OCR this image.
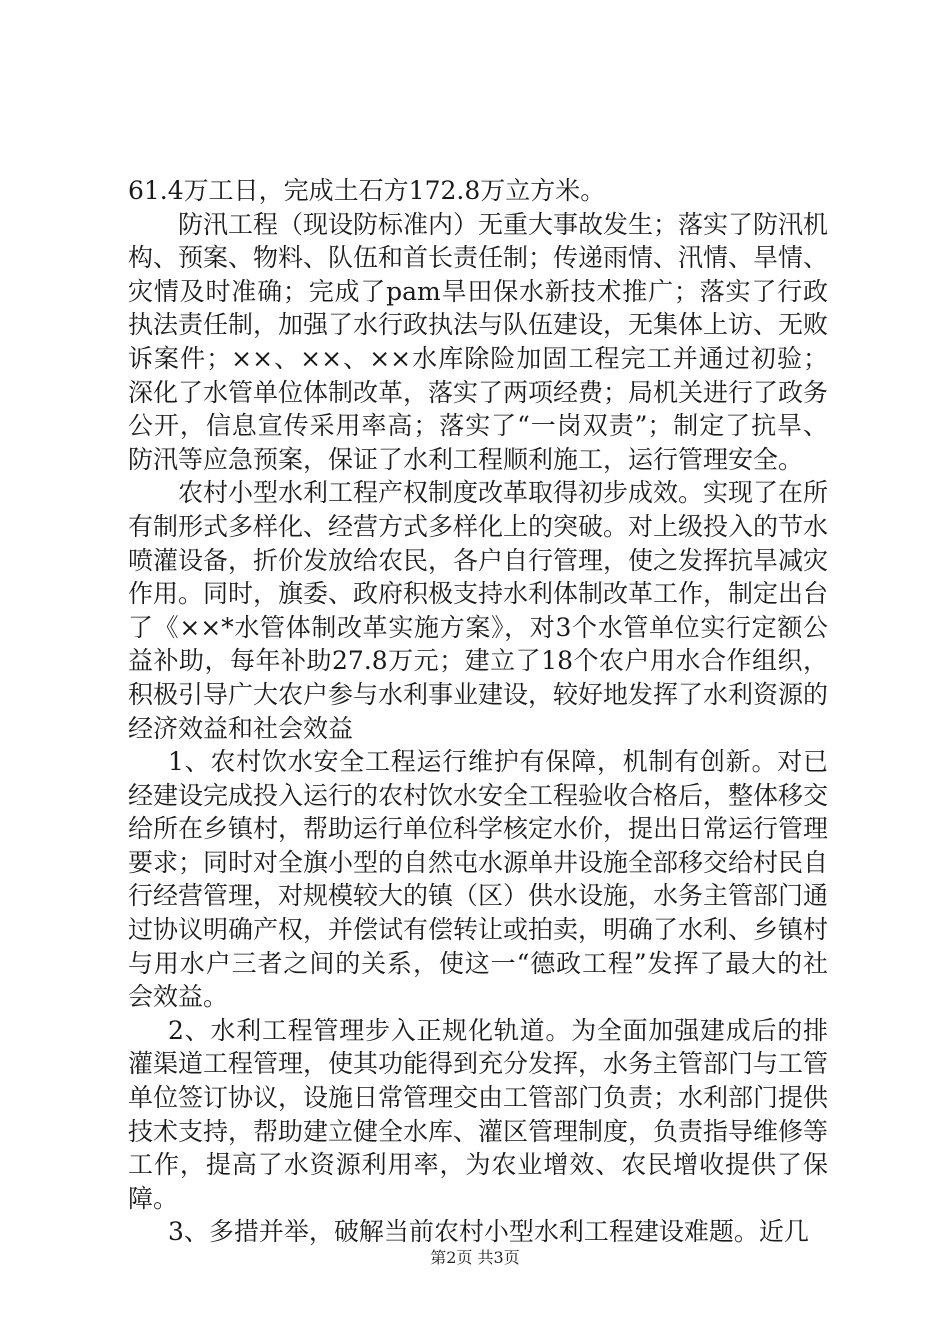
61.4万工日，完成土石方172.8万立方米。

防汛工程（现设防标准内）无重大事故发生；落实了防汛机构、预案、物料、队伍和首长责任制；传递雨情、汛情、旱情、灾情及时准确；完成了pam旱田保水新技术推广；落实了行政执法责任制，加强了水行政执法与队伍建设，无集体上访、无败诉案件；××、××、××水库除险加固工程完工并通过初验；深化了水管单位体制改革，落实了两项经费；局机关进行了政务公开，信息宣传采用率高；落实了“一岗双责”；制定了抗旱、防汛等应急预案，保证了水利工程顺利施工，运行管理安全。

农村小型水利工程产权制度改革取得初步成效。实现了在所有制形式多样化、经营方式多样化上的突破。对上级投入的节水喷灌设备，折价发放给农民，各户自行管理，使之发挥抗旱减灾作用。同时，旗委、政府积极支持水利体制改革工作，制定出台了《××*水管体制改革实施方案》，对3个水管单位实行定额公益补助，每年补助27.8万元；建立了18个农户用水合作组织，积极引导广大农户参与水利事业建设，较好地发挥了水利资源的经济效益和社会效益

1、农村饮水安全工程运行维护有保障，机制有创新。对已经建设完成投入运行的农村饮水安全工程验收合格后，整体移交给所在乡镇村，帮助运行单位科学核定水价，提出日常运行管理要求；同时对全旗小型的自然屯水源单井设施全部移交给村民自行经营管理，对规模较大的镇（区）供水设施，水务主管部门通过协议明确产权，并偿试有偿转让或拍卖，明确了水利、乡镇村与用水户三者之间的关系，使这一“德政工程”发挥了最大的社会效益。

2、水利工程管理步入正规化轨道。为全面加强建成后的排灌渠道工程管理，使其功能得到充分发挥，水务主管部门与工管单位签订协议，设施日常管理交由工管部门负责；水利部门提供技术支持，帮助建立健全水库、灌区管理制度，负责指导维修等工作，提高了水资源利用率，为农业增效、农民增收提供了保障。

3、多措并举，破解当前农村小型水利工程建设难题。近几

第2页 共3页
